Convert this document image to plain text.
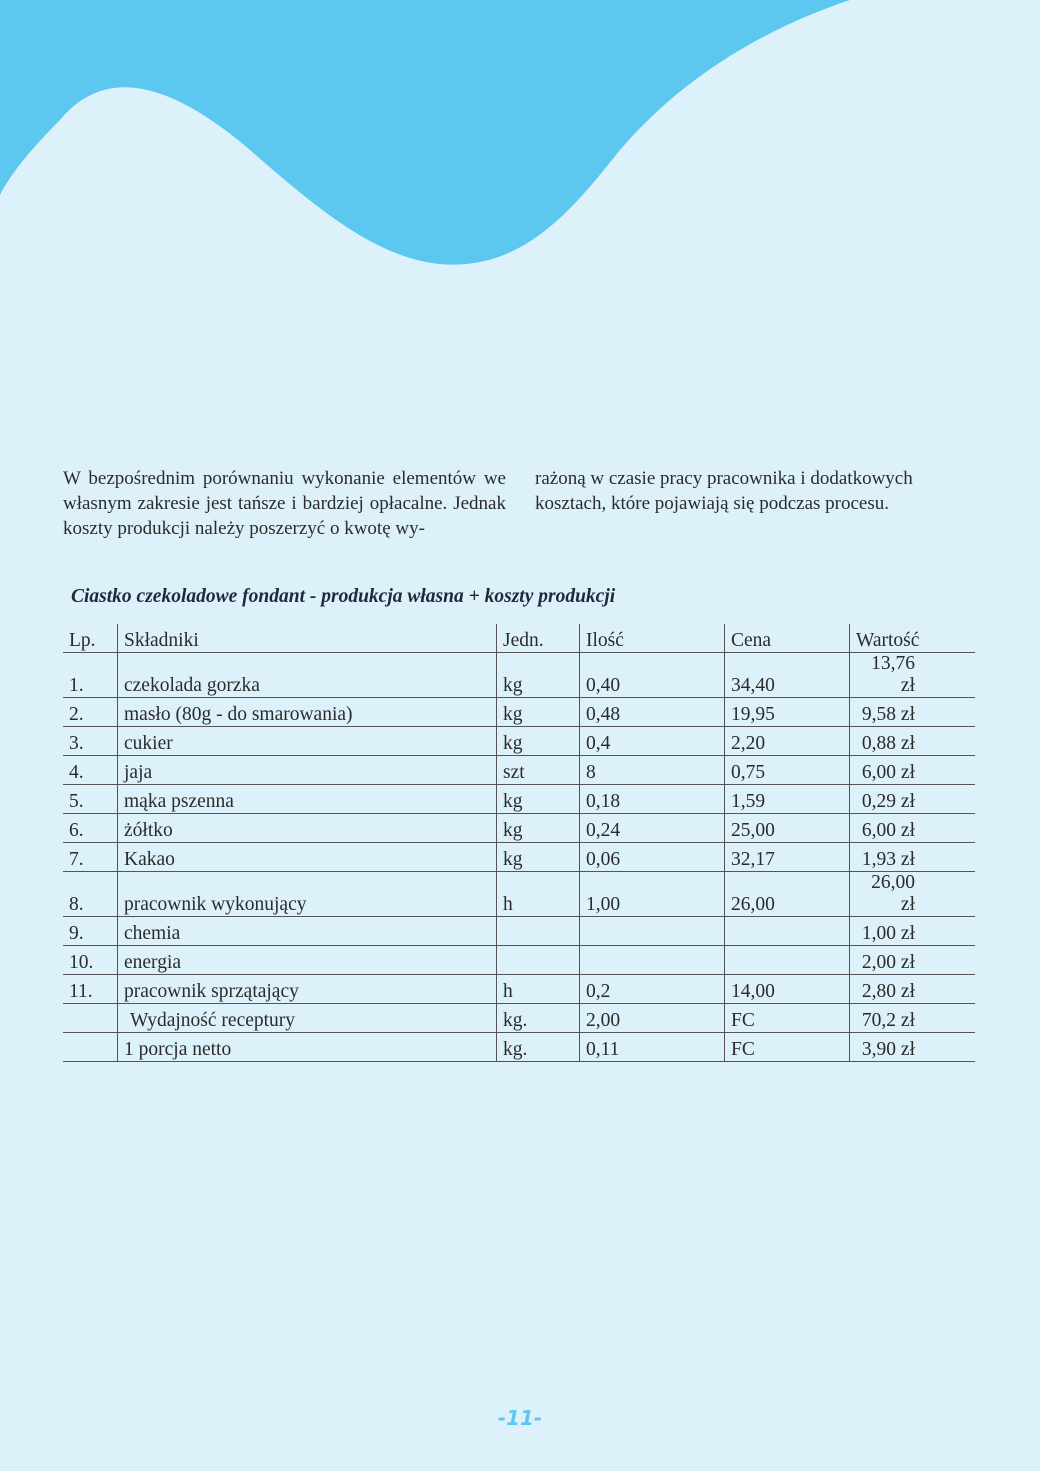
W bezpośrednim porównaniu wykonanie elementów we własnym zakresie jest tańsze i bardziej opłacalne. Jednak koszty produkcji należy poszerzyć o kwotę wy-
rażoną w czasie pracy pracownika i dodatkowych kosztach, które pojawiają się podczas procesu.
Ciastko czekoladowe fondant - produkcja własna + koszty produkcji
Lp.	Składniki	Jedn.	Ilość	Cena	Wartość
1.	czekolada gorzka	kg	0,40	34,40	13,76 zł
2.	masło (80g - do smarowania)	kg	0,48	19,95	9,58 zł
3.	cukier	kg	0,4	2,20	0,88 zł
4.	jaja	szt	8	0,75	6,00 zł
5.	mąka pszenna	kg	0,18	1,59	0,29 zł
6.	żółtko	kg	0,24	25,00	6,00 zł
7.	Kakao	kg	0,06	32,17	1,93 zł
8.	pracownik wykonujący	h	1,00	26,00	26,00 zł
9.	chemia				1,00 zł
10.	energia				2,00 zł
11.	pracownik sprzątający	h	0,2	14,00	2,80 zł
	Wydajność receptury	kg.	2,00	FC	70,2 zł
	1 porcja netto	kg.	0,11	FC	3,90 zł
-11-
